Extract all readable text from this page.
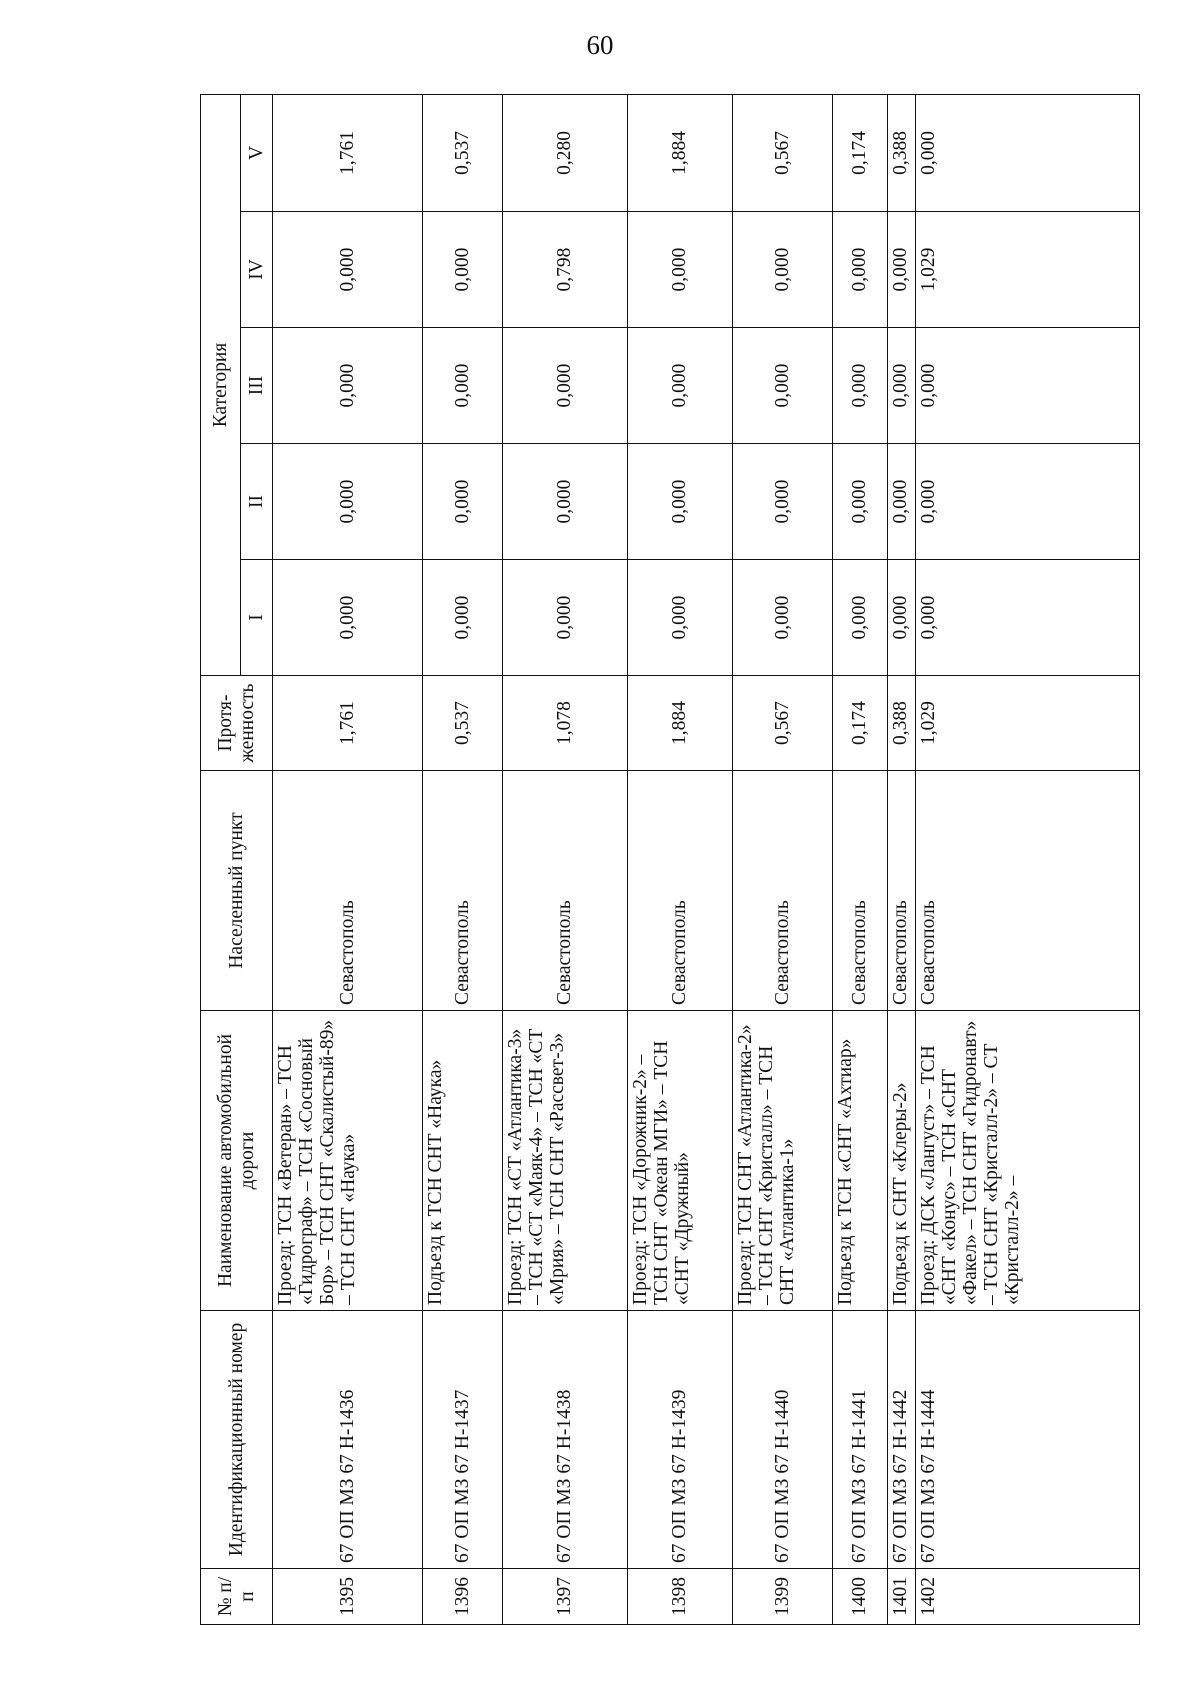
60
№ п/п	Идентификационный номер	Наименование автомобильной дороги	Населенный пункт	Протя-женность	Категория				
					I	II	III	IV	V
1395	67 ОП МЗ 67 Н-1436	Проезд: ТСН «Ветеран» – ТСН «Гидрограф» – ТСН «Сосновый Бор» – ТСН СНТ «Скалистый-89» – ТСН СНТ «Наука»	Севастополь	1,761	0,000	0,000	0,000	0,000	1,761
1396	67 ОП МЗ 67 Н-1437	Подъезд к ТСН СНТ «Наука»	Севастополь	0,537	0,000	0,000	0,000	0,000	0,537
1397	67 ОП МЗ 67 Н-1438	Проезд: ТСН «СТ «Атлантика-3» – ТСН «СТ «Маяк-4» – ТСН «СТ «Мрия» – ТСН СНТ «Рассвет-3»	Севастополь	1,078	0,000	0,000	0,000	0,798	0,280
1398	67 ОП МЗ 67 Н-1439	Проезд: ТСН «Дорожник-2» – ТСН СНТ «Океан МГИ» – ТСН «СНТ «Дружный»	Севастополь	1,884	0,000	0,000	0,000	0,000	1,884
1399	67 ОП МЗ 67 Н-1440	Проезд: ТСН СНТ «Атлантика-2» – ТСН СНТ «Кристалл» – ТСН СНТ «Атлантика-1»	Севастополь	0,567	0,000	0,000	0,000	0,000	0,567
1400	67 ОП МЗ 67 Н-1441	Подъезд к ТСН «СНТ «Ахтиар»	Севастополь	0,174	0,000	0,000	0,000	0,000	0,174
1401	67 ОП МЗ 67 Н-1442	Подъезд к СНТ «Клеры-2»	Севастополь	0,388	0,000	0,000	0,000	0,000	0,388
1402	67 ОП МЗ 67 Н-1444	Проезд: ДСК «Лангуст» – ТСН «СНТ «Конус» – ТСН «СНТ «Факел» – ТСН СНТ «Гидронавт» – ТСН СНТ «Кристалл-2» – СТ «Кристалл-2» –	Севастополь	1,029	0,000	0,000	0,000	1,029	0,000
